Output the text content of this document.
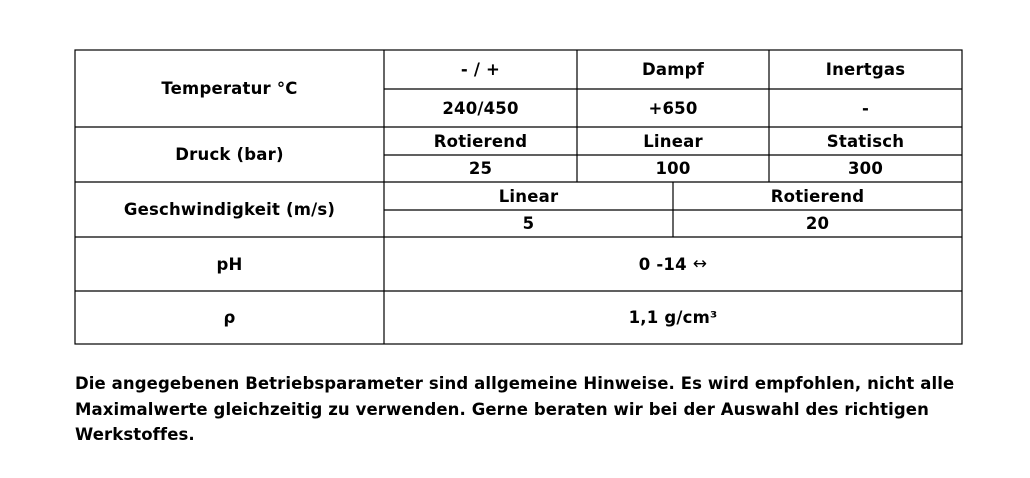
Temperatur °C
- / +	Dampf	Inertgas
240/450	+650	-
Druck (bar)
Rotierend	Linear	Statisch
25	100	300
Geschwindigkeit (m/s)
Linear	Rotierend
5	20
pH	0 -14 ↔
ρ	1,1 g/cm³
Die angegebenen Betriebsparameter sind allgemeine Hinweise. Es wird empfohlen, nicht alle Maximalwerte gleichzeitig zu verwenden. Gerne beraten wir bei der Auswahl des richtigen Werkstoffes.
